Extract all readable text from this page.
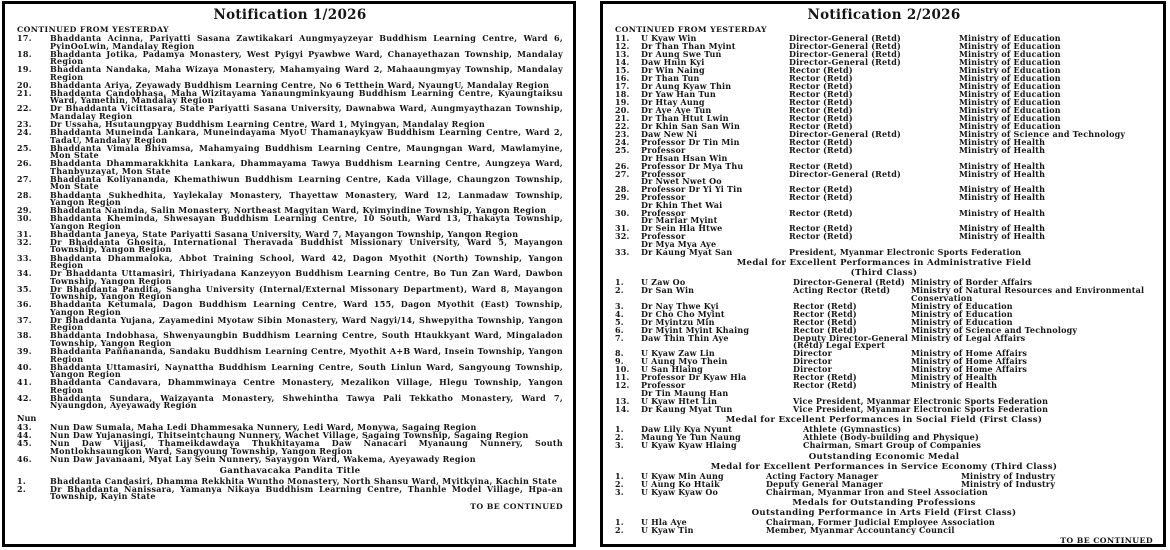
Notification 1/2026
CONTINUED FROM YESTERDAY
17. Bhaddanta Acinna, Pariyatti Sasana Zawtikakari Aungmyayzeyar Buddhism Learning Centre, Ward 6, PyinOoLwin, Mandalay Region
18. Bhaddanta Jotika, Padamya Monastery, West Pyigyi Pyawbwe Ward, Chanayethazan Township, Mandalay Region
19. Bhaddanta Nandaka, Maha Wizaya Monastery, Mahamyaing Ward 2, Mahaaungmyay Township, Mandalay Region
20. Bhaddanta Ariya, Zeyawady Buddhism Learning Centre, No 6 Tetthein Ward, NyaungU, Mandalay Region
21. Bhaddanta Candobhasa, Maha Wizitayama Yanaungminkyaung Buddhism Learning Centre, Kyaungtaiksu Ward, Yamethin, Mandalay Region
22. Dr Bhaddanta Vicittasara, State Pariyatti Sasana University, Dawnabwa Ward, Aungmyaythazan Township, Mandalay Region
23. Dr Ussaha, Hsutaungpyay Buddhism Learning Centre, Ward 1, Myingyan, Mandalay Region
24. Bhaddanta Muneinda Lankara, Muneindayama MyoU Thamanaykyaw Buddhism Learning Centre, Ward 2, TadaU, Mandalay Region
25. Bhaddanta Vimala Bhivamsa, Mahamyaing Buddhism Learning Centre, Maungngan Ward, Mawlamyine, Mon State
26. Bhaddanta Dhammarakkhita Lankara, Dhammayama Tawya Buddhism Learning Centre, Aungzeya Ward, Thanbyuzayat, Mon State
27. Bhaddanta Koliyananda, Khemathiwun Buddhism Learning Centre, Kada Village, Chaungzon Township, Mon State
28. Bhaddanta Sukhedhita, Yaylekalay Monastery, Thayettaw Monastery, Ward 12, Lanmadaw Township, Yangon Region
29. Bhaddanta Ñaninda, Salin Monastery, Northeast Magyitan Ward, Kyimyindine Township, Yangon Region
30. Bhaddanta Kheminda, Shwesayan Buddhism Learning Centre, 10 South, Ward 13, Thakayta Township, Yangon Region
31. Bhaddanta Janeya, State Pariyatti Sasana University, Ward 7, Mayangon Township, Yangon Region
32. Dr Bhaddanta Ghosita, International Theravada Buddhist Missionary University, Ward 5, Mayangon Township, Yangon Region
33. Bhaddanta Dhammaloka, Abbot Training School, Ward 42, Dagon Myothit (North) Township, Yangon Region
34. Dr Bhaddanta Uttamasiri, Thiriyadana Kanzeyyon Buddhism Learning Centre, Bo Tun Zan Ward, Dawbon Township, Yangon Region
35. Dr Bhaddanta Pandita, Sangha University (Internal/External Missonary Department), Ward 8, Mayangon Township, Yangon Region
36. Bhaddanta Ketumala, Dagon Buddhism Learning Centre, Ward 155, Dagon Myothit (East) Township, Yangon Region
37. Dr Bhaddanta Yujana, Zayamedini Myotaw Sibin Monastery, Ward Nagyi/14, Shwepyitha Township, Yangon Region
38. Bhaddanta Indobhasa, Shwenyaungbin Buddhism Learning Centre, South Htaukkyant Ward, Mingaladon Township, Yangon Region
39. Bhaddanta Paññananda, Sandaku Buddhism Learning Centre, Myothit A+B Ward, Insein Township, Yangon Region
40. Bhaddanta Uttamasiri, Naynattha Buddhism Learning Centre, South Linlun Ward, Sangyoung Township, Yangon Region
41. Bhaddanta Candavara, Dhammwinaya Centre Monastery, Mezalikon Village, Hlegu Township, Yangon Region
42. Bhaddanta Sundara, Waizayanta Monastery, Shwehintha Tawya Pali Tekkatho Monastery, Ward 7, Nyaungdon, Ayeyawady Region
Nun
43. Nun Daw Sumala, Maha Ledi Dhammesaka Nunnery, Ledi Ward, Monywa, Sagaing Region
44. Nun Daw Yujanasingi, Thitseintchaung Nunnery, Wachet Village, Sagaing Township, Sagaing Region
45. Nun Daw Vijjasi, Thameikdawdaya Thukhitayama Daw Ñanacari Myanaung Nunnery, South Montlokhsaungkon Ward, Sangyoung Township, Yangon Region
46. Nun Daw Javanaani, Myat Lay Sein Nunnery, Sayaygon Ward, Wakema, Ayeyawady Region
Ganthavacaka Pandita Title
1.	Bhaddanta Candasiri, Dhamma Rekkhita Wuntho Monastery, North Shansu Ward, Myitkyina, Kachin State
2.	Dr Bhaddanta Ñanissara, Yamanya Nikaya Buddhism Learning Centre, Thanhle Model Village, Hpa-an Township, Kayin State
TO BE CONTINUED
Notification 2/2026
CONTINUED FROM YESTERDAY
11.	U Kyaw Win	Director-General (Retd)	Ministry of Education
12.	Dr Than Than Myint	Director-General (Retd)	Ministry of Education
13.	Dr Aung Swe Tun	Director-General (Retd)	Ministry of Education
14.	Daw Hnin Kyi	Director-General (Retd)	Ministry of Education
15.	Dr Win Naing	Rector (Retd)	Ministry of Education
16.	Dr Than Tun	Rector (Retd)	Ministry of Education
17.	Dr Aung Kyaw Thin	Rector (Retd)	Ministry of Education
18.	Dr Yaw Han Tun	Rector (Retd)	Ministry of Education
19.	Dr Htay Aung	Rector (Retd)	Ministry of Education
20.	Dr Aye Aye Tun	Rector (Retd)	Ministry of Education
21.	Dr Than Htut Lwin	Rector (Retd)	Ministry of Education
22.	Dr Khin San San Win	Rector (Retd)	Ministry of Education
23.	Daw New Ni	Director-General (Retd)	Ministry of Science and Technology
24.	Professor Dr Tin Min	Rector (Retd)	Ministry of Health
25.	Professor
Dr Hsan Hsan Win
Rector (Retd)	Ministry of Health
26.	Professor Dr Mya Thu	Rector (Retd)	Ministry of Health
27.	Professor
Dr Nwet Nwet Oo
Director-General (Retd)	Ministry of Health
28.	Professor Dr Yi Yi Tin	Rector (Retd)	Ministry of Health
29.	Professor
Dr Khin Thet Wai
Rector (Retd)	Ministry of Health
30.	Professor
Dr Marlar Myint
Rector (Retd)	Ministry of Health
31.	Dr Sein Hla Htwe	Rector (Retd)	Ministry of Health
32.	Professor
Dr Mya Mya Aye
Rector (Retd)	Ministry of Health
33.	Dr Kaung Myat San	President, Myanmar Electronic Sports Federation
Medal for Excellent Performances in Administrative Field
(Third Class)
1.	U Zaw Oo	Director-General (Retd) Ministry of Border Affairs
2.	Dr San Win	Acting Rector (Retd)	Ministry of Natural Resources and Environmental Conservation
3.	Dr Nay Thwe Kyi	Rector (Retd)	Ministry of Education
4.	Dr Cho Cho Myint	Rector (Retd)	Ministry of Education
5.	Dr Myintzu Min	Rector (Retd)	Ministry of Education
6.	Dr Myint Myint Khaing	Rector (Retd)	Ministry of Science and Technology
7.	Daw Thin Thin Aye	Deputy Director-General (Retd) Legal Expert
Ministry of Legal Affairs
8.	U Kyaw Zaw Lin	Director	Ministry of Home Affairs
9.	U Aung Myo Thein	Director	Ministry of Home Affairs
10.	U San Hlaing	Director	Ministry of Home Affairs
11.	Professor Dr Kyaw Hla	Rector (Retd)	Ministry of Health
12.	Professor
Dr Tin Maung Han
Rector (Retd)	Ministry of Health
13.	U Kyaw Htet Lin	Vice President, Myanmar Electronic Sports Federation
14.	Dr Kaung Myat Tun	Vice President, Myanmar Electronic Sports Federation
Medal for Excellent Performances in Social Field (First Class)
1.	Daw Lily Kya Nyunt	Athlete (Gymnastics)
2.	Maung Ye Tun Naung	Athlete (Body-building and Physique)
3.	U Kyaw Kyaw Hlaing	Chairman, Smart Group of Companies
Outstanding Economic Medal
Medal for Excellent Performances in Service Economy (Third Class)
1.	U Kyaw Min Aung	Acting Factory Manager	Ministry of Industry
2.	U Aung Ko Htaik	Deputy General Manager	Ministry of Industry
3.	U Kyaw Kyaw Oo	Chairman, Myanmar Iron and Steel Association
Medals for Outstanding Professions
Outstanding Performance in Arts Field (First Class)
1.	U Hla Aye	Chairman, Former Judicial Employee Association
2.	U Kyaw Tin	Member, Myanmar Accountancy Council
TO BE CONTINUED
